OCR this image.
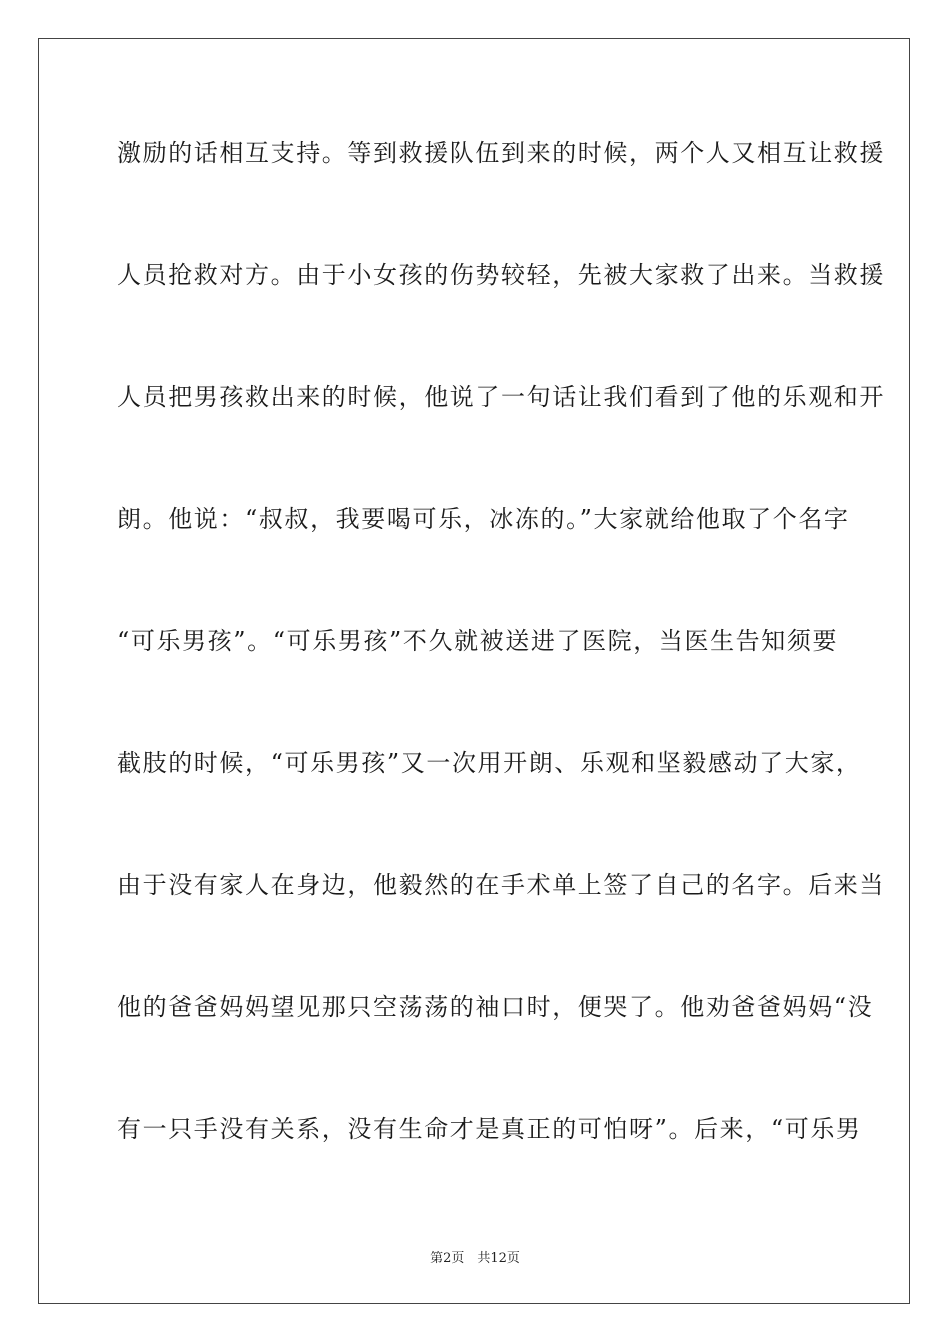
激励的话相互支持。等到救援队伍到来的时候，两个人又相互让救援
人员抢救对方。由于小女孩的伤势较轻，先被大家救了出来。当救援
人员把男孩救出来的时候，他说了一句话让我们看到了他的乐观和开
朗。他说：“叔叔，我要喝可乐，冰冻的。”大家就给他取了个名字
“可乐男孩”。“可乐男孩”不久就被送进了医院，当医生告知须要
截肢的时候，“可乐男孩”又一次用开朗、乐观和坚毅感动了大家，
由于没有家人在身边，他毅然的在手术单上签了自己的名字。后来当
他的爸爸妈妈望见那只空荡荡的袖口时，便哭了。他劝爸爸妈妈“没
有一只手没有关系，没有生命才是真正的可怕呀”。后来，“可乐男
第2页　共12页
